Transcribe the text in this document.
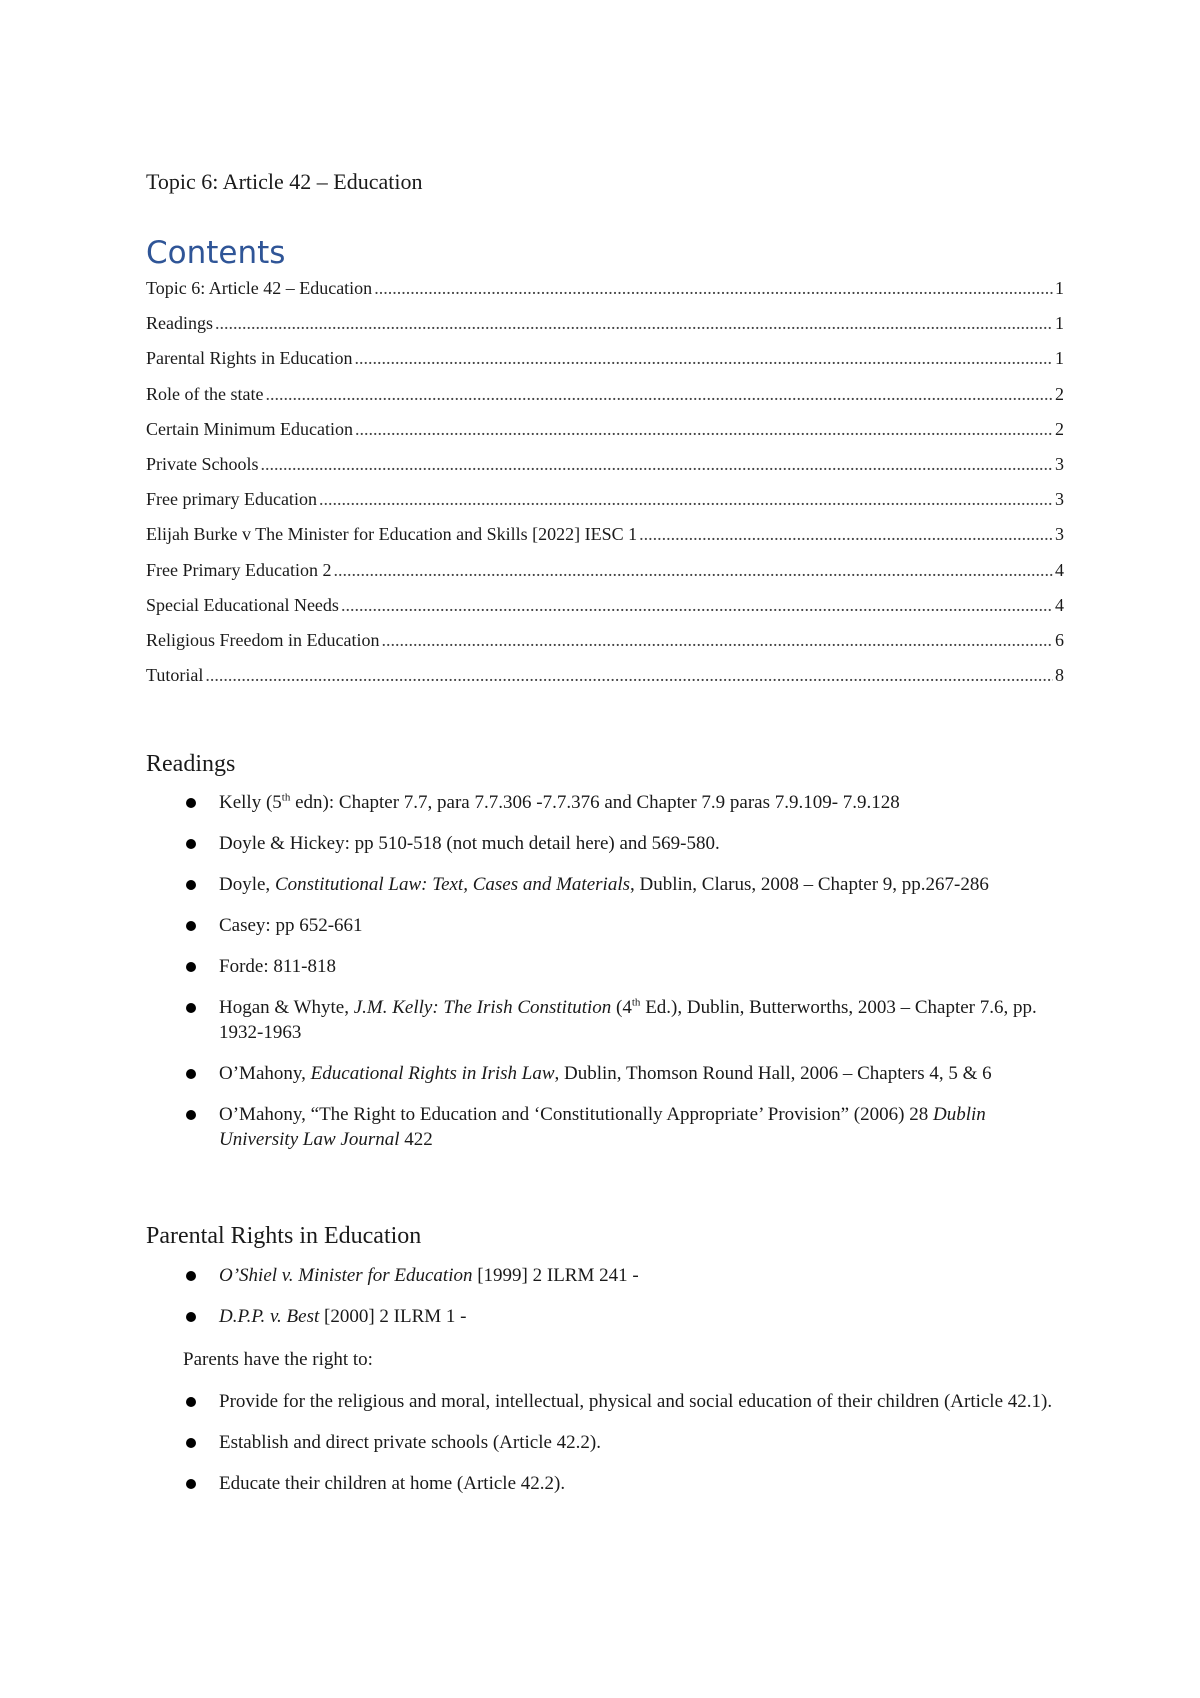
Topic 6: Article 42 – Education
Contents
Topic 6: Article 42 – Education .....	1
Readings .....	1
Parental Rights in Education .....	1
Role of the state .....	2
Certain Minimum Education .....	2
Private Schools .....	3
Free primary Education .....	3
Elijah Burke v The Minister for Education and Skills [2022] IESC 1 .....	3
Free Primary Education 2 .....	4
Special Educational Needs .....	4
Religious Freedom in Education .....	6
Tutorial .....	8
Readings
Kelly (5th edn): Chapter 7.7, para 7.7.306 -7.7.376 and Chapter 7.9 paras 7.9.109- 7.9.128
Doyle & Hickey: pp 510-518 (not much detail here) and 569-580.
Doyle, Constitutional Law: Text, Cases and Materials, Dublin, Clarus, 2008 – Chapter 9, pp.267-286
Casey: pp 652-661
Forde: 811-818
Hogan & Whyte, J.M. Kelly: The Irish Constitution (4th Ed.), Dublin, Butterworths, 2003 – Chapter 7.6, pp. 1932-1963
O’Mahony, Educational Rights in Irish Law, Dublin, Thomson Round Hall, 2006 – Chapters 4, 5 & 6
O’Mahony, “The Right to Education and ‘Constitutionally Appropriate’ Provision” (2006) 28 Dublin University Law Journal 422
Parental Rights in Education
O’Shiel v. Minister for Education [1999] 2 ILRM 241 -
D.P.P. v. Best [2000] 2 ILRM 1 -
Parents have the right to:
Provide for the religious and moral, intellectual, physical and social education of their children (Article 42.1).
Establish and direct private schools (Article 42.2).
Educate their children at home (Article 42.2).
